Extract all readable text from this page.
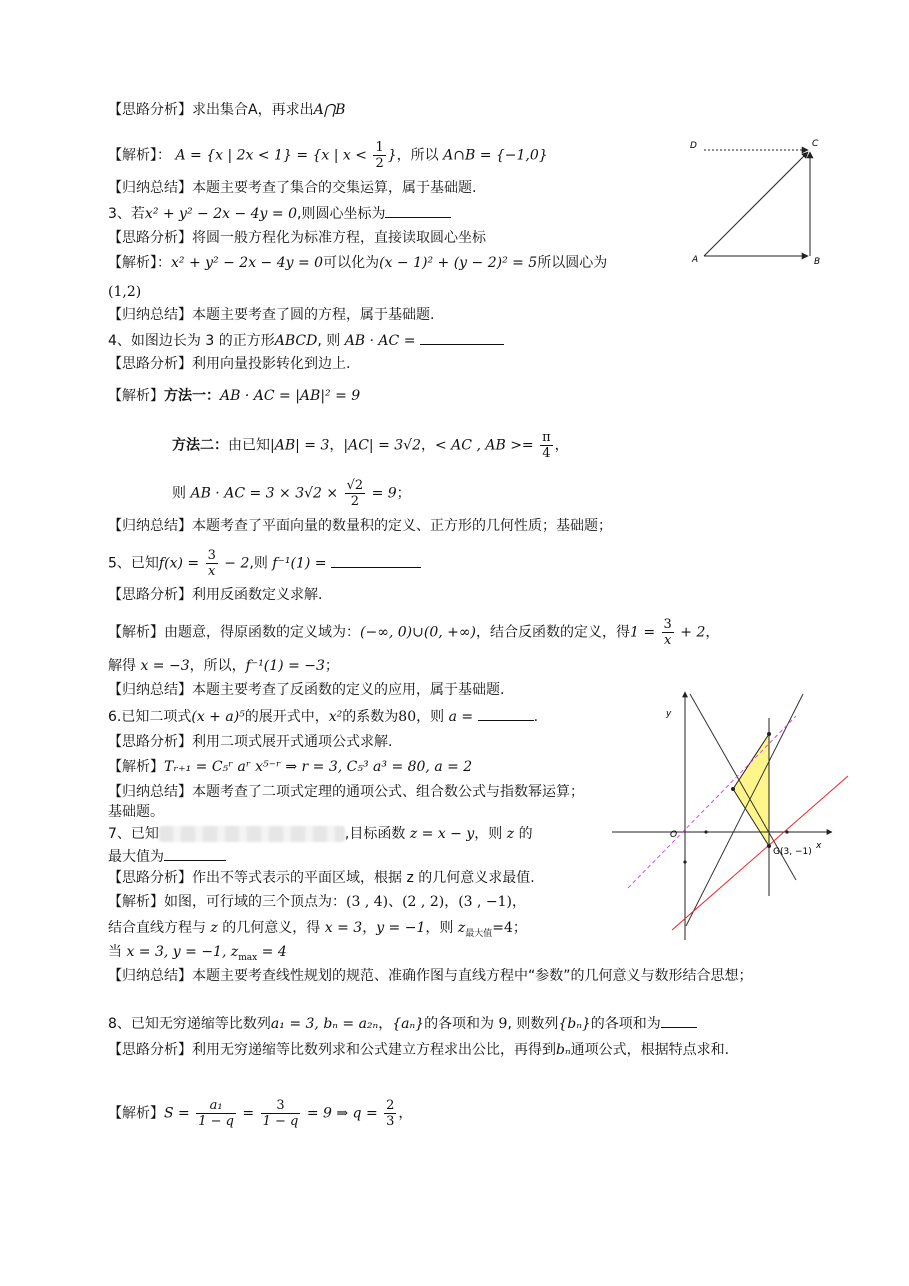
【思路分析】求出集合A，再求出A⋂B
【解析】： A = {x | 2x < 1} = {x | $x < \frac{1}{2}$ }，所以 A∩B = {−1,0}
【归纳总结】本题主要考查了集合的交集运算，属于基础题.
3、若x² + y² − 2x − 4y = 0,则圆心坐标为
【思路分析】将圆一般方程化为标准方程，直接读取圆心坐标
【解析】：x² + y² − 2x − 4y = 0可以化为(x − 1)² + (y − 2)² = 5所以圆心为
(1,2)
【归纳总结】本题主要考查了圆的方程，属于基础题.
4、如图边长为 3 的正方形ABCD, 则 AB · AC =
【思路分析】利用向量投影转化到边上.
【解析】方法一：AB · AC = |AB|² = 9
方法二：由已知|AB| = 3，|AC| = 3√2，< AC , AB >= $\frac{\pi}{4}$ ，
则 AB · AC = $3 \times 3√2 \times \frac{√2}{2} = 9$；
【归纳总结】本题考查了平面向量的数量积的定义、正方形的几何性质；基础题；
5、已知$f(x) = \frac{3}{x} - 2$,则 f⁻¹(1) =
【思路分析】利用反函数定义求解.
【解析】由题意，得原函数的定义域为：(−∞, 0)∪(0, +∞)，结合反函数的定义，得$1 = \frac{3}{x} + 2$，
解得 x = −3，所以，f⁻¹(1) = −3；
【归纳总结】本题主要考查了反函数的定义的应用，属于基础题.
6.已知二项式(x + a)⁵的展开式中，x²的系数为80，则 a =	.
【思路分析】利用二项式展开式通项公式求解.
【解析】Tᵣ₊₁ = C₅ʳ aʳ x⁵⁻ʳ ⇒ r = 3, C₅³ a³ = 80, a = 2
【归纳总结】本题考查了二项式定理的通项公式、组合数公式与指数幂运算；基础题。
7、已知	,目标函数 z = x − y，则 z 的
最大值为
【思路分析】作出不等式表示的平面区域，根据 z 的几何意义求最值.
【解析】如图，可行域的三个顶点为：(3 , 4)、(2 , 2)，(3 , −1)，
结合直线方程与 z 的几何意义，得 x = 3，y = −1，则 $z_{最大值}=4$；
当 x = 3, y = −1, $z_{max} = 4$
【归纳总结】本题主要考查线性规划的规范、准确作图与直线方程中“参数”的几何意义与数形结合思想；
8、已知无穷递缩等比数列a₁ = 3, bₙ = a₂ₙ，{aₙ}的各项和为 9, 则数列{bₙ}的各项和为
【思路分析】利用无穷递缩等比数列求和公式建立方程求出公比，再得到bₙ通项公式，根据特点求和.
【解析】$S = \frac{\text{a₁}}{1 - q} = \frac{3}{1 - q} = 9$ ⇒ $q = \frac{2}{3}$ ，
D	C
A	B
y
x
O
G(3, −1)
